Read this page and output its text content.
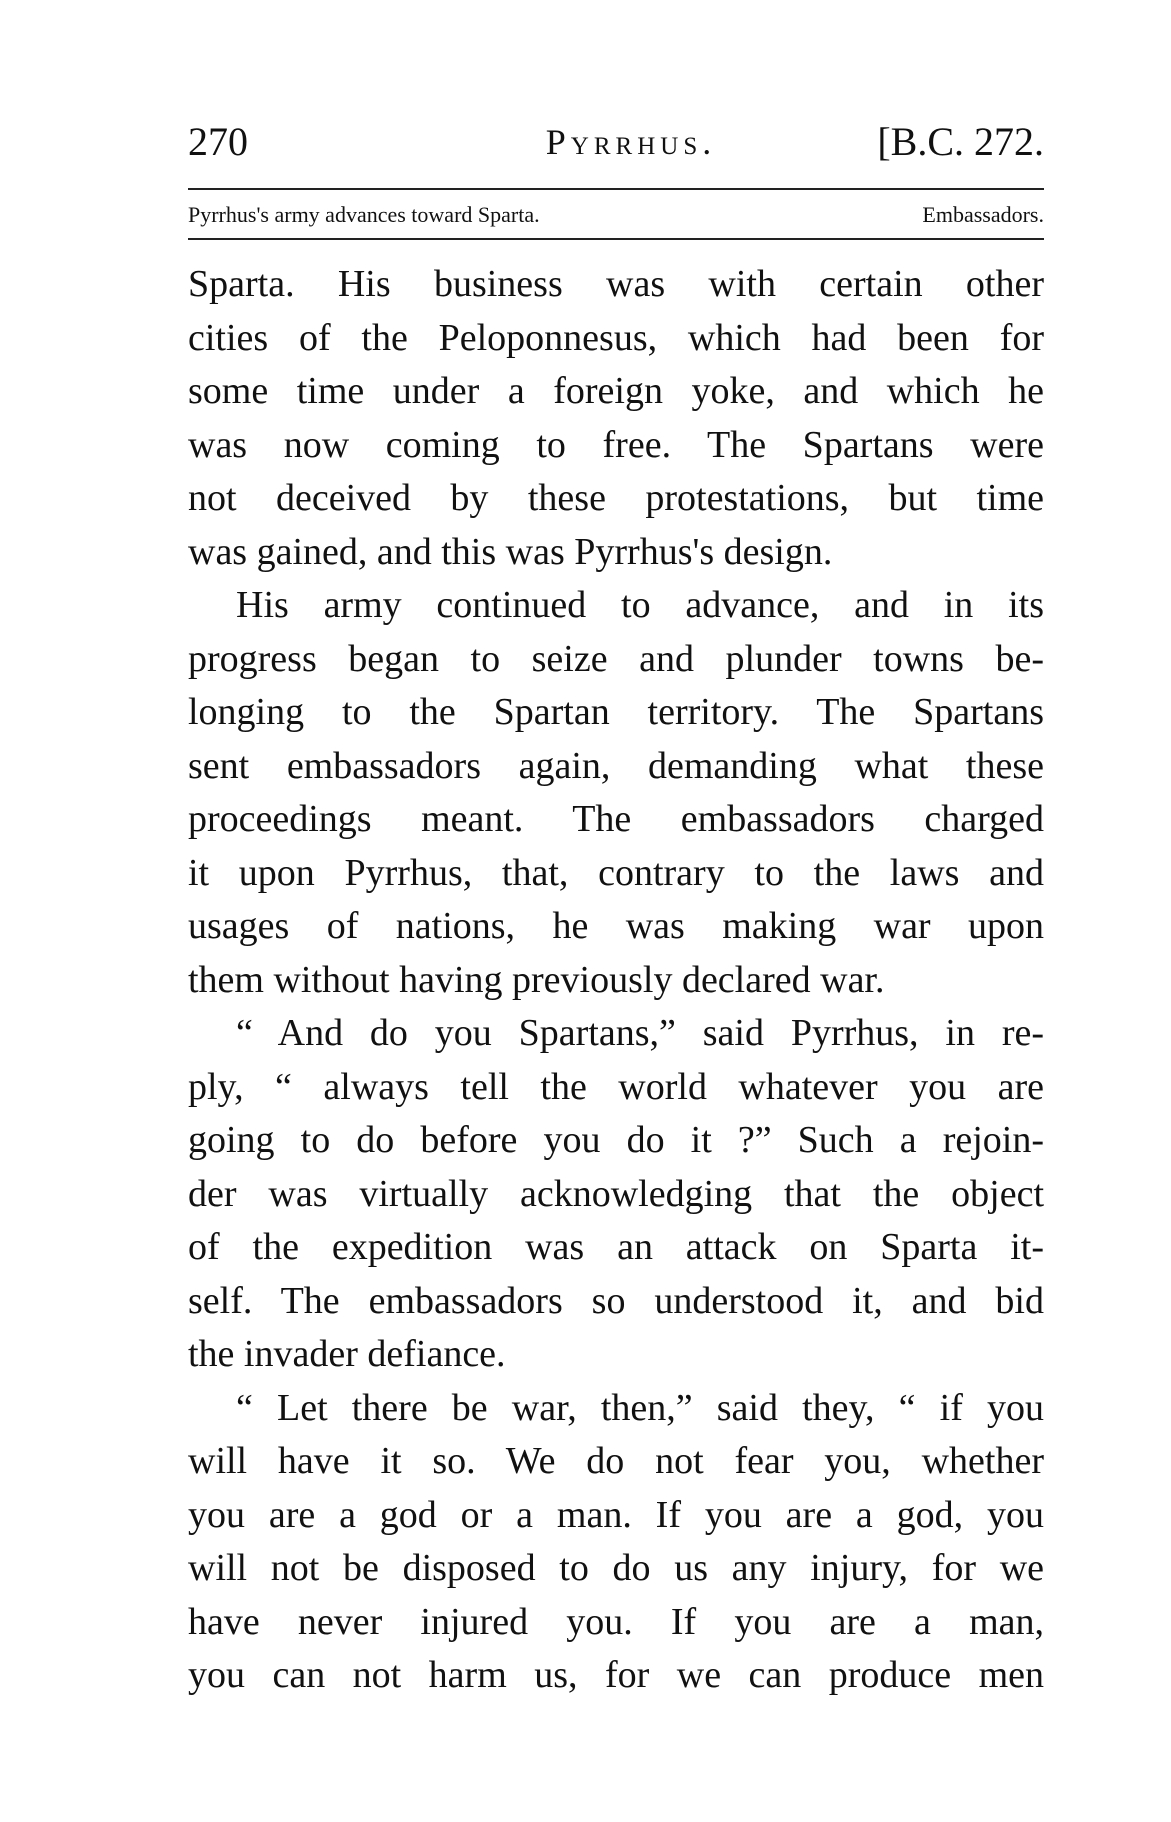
270	Pyrrhus.	[B.C. 272.
Pyrrhus's army advances toward Sparta.	Embassadors.
Sparta. His business was with certain other
cities of the Peloponnesus, which had been for
some time under a foreign yoke, and which he
was now coming to free. The Spartans were
not deceived by these protestations, but time
was gained, and this was Pyrrhus's design.
His army continued to advance, and in its
progress began to seize and plunder towns be-
longing to the Spartan territory. The Spartans
sent embassadors again, demanding what these
proceedings meant. The embassadors charged
it upon Pyrrhus, that, contrary to the laws and
usages of nations, he was making war upon
them without having previously declared war.
“ And do you Spartans,” said Pyrrhus, in re-
ply, “ always tell the world whatever you are
going to do before you do it ?” Such a rejoin-
der was virtually acknowledging that the object
of the expedition was an attack on Sparta it-
self. The embassadors so understood it, and bid
the invader defiance.
“ Let there be war, then,” said they, “ if you
will have it so. We do not fear you, whether
you are a god or a man. If you are a god, you
will not be disposed to do us any injury, for we
have never injured you. If you are a man,
you can not harm us, for we can produce men
